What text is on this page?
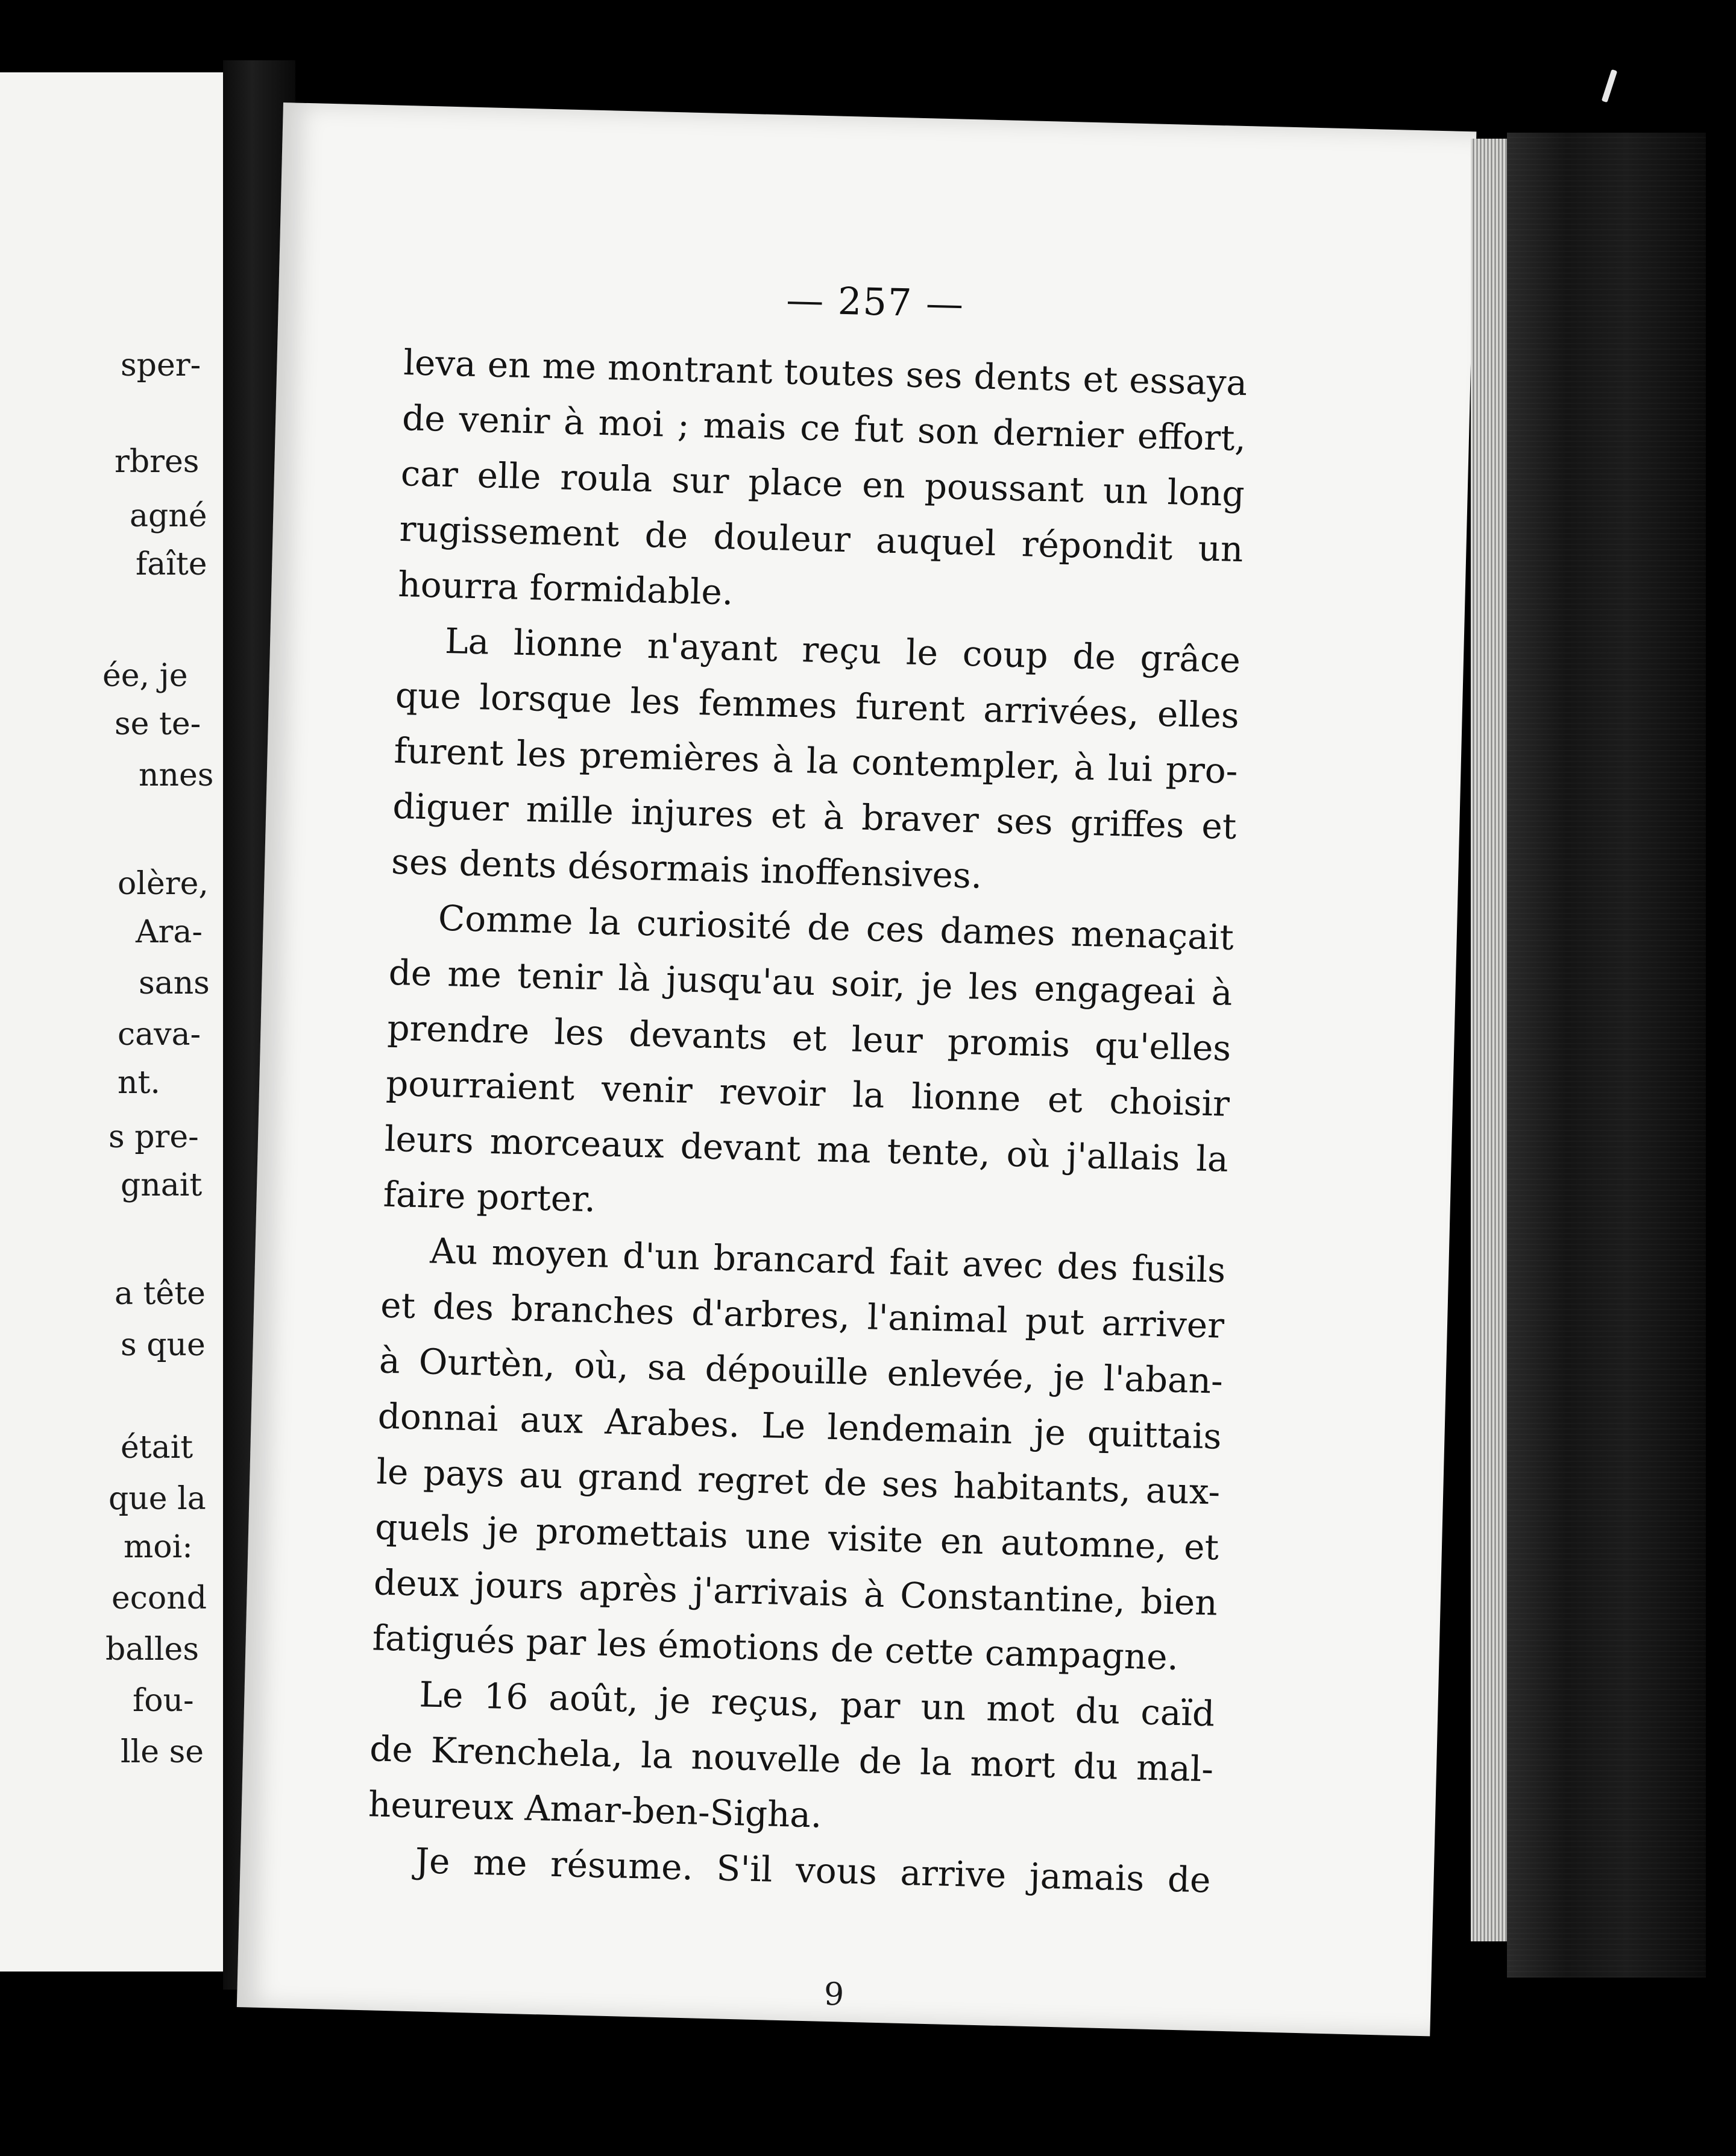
sper-
rbres
agné
faîte
ée, je
se te-
nnes
olère,
Ara-
sans
cava-
nt.
s pre-
gnait
a tête
s que
était
que la
moi:
econd
balles
fou-
lle se
— 257 —
leva en me montrant toutes ses dents et essaya
de venir à moi ; mais ce fut son dernier effort,
car elle roula sur place en poussant un long
rugissement de douleur auquel répondit un
hourra formidable.
La lionne n'ayant reçu le coup de grâce
que lorsque les femmes furent arrivées, elles
furent les premières à la contempler, à lui pro-
diguer mille injures et à braver ses griffes et
ses dents désormais inoffensives.
Comme la curiosité de ces dames menaçait
de me tenir là jusqu'au soir, je les engageai à
prendre les devants et leur promis qu'elles
pourraient venir revoir la lionne et choisir
leurs morceaux devant ma tente, où j'allais la
faire porter.
Au moyen d'un brancard fait avec des fusils
et des branches d'arbres, l'animal put arriver
à Ourtèn, où, sa dépouille enlevée, je l'aban-
donnai aux Arabes. Le lendemain je quittais
le pays au grand regret de ses habitants, aux-
quels je promettais une visite en automne, et
deux jours après j'arrivais à Constantine, bien
fatigués par les émotions de cette campagne.
Le 16 août, je reçus, par un mot du caïd
de Krenchela, la nouvelle de la mort du mal-
heureux Amar-ben-Sigha.
Je me résume. S'il vous arrive jamais de
9
